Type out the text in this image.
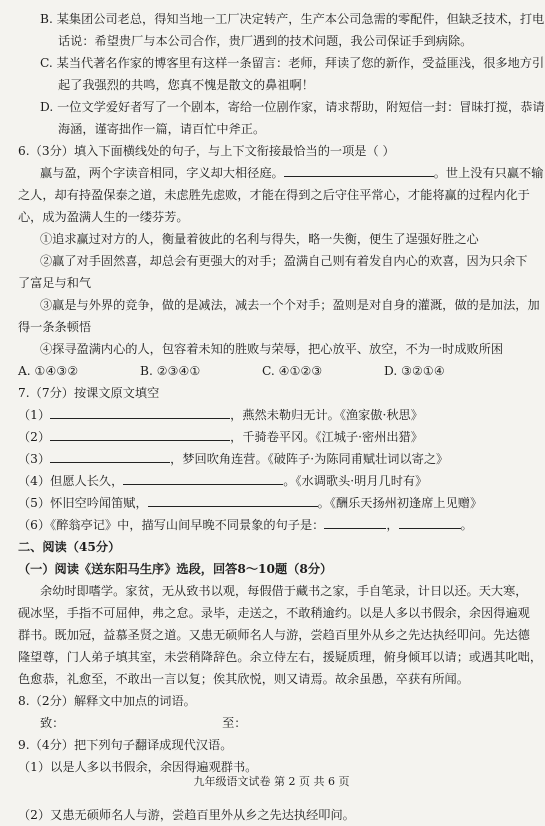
B. 某集团公司老总，得知当地一工厂决定转产，生产本公司急需的零配件，但缺乏技术，打电
话说：希望贵厂与本公司合作，贵厂遇到的技术问题，我公司保证手到病除。
C. 某当代著名作家的博客里有这样一条留言：老师，拜读了您的新作，受益匪浅，很多地方引
起了我强烈的共鸣，您真不愧是散文的鼻祖啊！
D. 一位文学爱好者写了一个剧本，寄给一位剧作家，请求帮助，附短信一封：冒昧打搅，恭请
海涵，谨寄拙作一篇，请百忙中斧正。
6.（3分）填入下面横线处的句子，与上下文衔接最恰当的一项是（ ）
赢与盈，两个字读音相同，字义却大相径庭。	。世上没有只赢不输
之人，却有持盈保泰之道，未虑胜先虑败，才能在得到之后守住平常心，才能将赢的过程内化于
心，成为盈满人生的一缕芬芳。
①追求赢过对方的人，衡量着彼此的名利与得失，略一失衡，便生了逞强好胜之心
②赢了对手固然喜，却总会有更强大的对手；盈满自己则有着发自内心的欢喜，因为只余下
了富足与和气
③赢是与外界的竞争，做的是减法，减去一个个对手；盈则是对自身的灌溉，做的是加法，加
得一条条顿悟
④探寻盈满内心的人，包容着未知的胜败与荣辱，把心放平、放空，不为一时成败所困
A. ①④③②	B. ②③④①	C. ④①②③	D. ③②①④
7.（7分）按课文原文填空
（1）	，燕然未勒归无计。《渔家傲·秋思》
（2）	，千骑卷平冈。《江城子·密州出猎》
（3）	，梦回吹角连营。《破阵子·为陈同甫赋壮词以寄之》
（4）但愿人长久，	。《水调歌头·明月几时有》
（5）怀旧空吟闻笛赋，	。《酬乐天扬州初逢席上见赠》
（6）《醉翁亭记》中，描写山间早晚不同景象的句子是：	，	。
二、阅读（45分）
（一）阅读《送东阳马生序》选段，回答8～10题（8分）
余幼时即嗜学。家贫，无从致书以观，每假借于藏书之家，手自笔录，计日以还。天大寒，
砚冰坚，手指不可屈伸，弗之怠。录毕，走送之，不敢稍逾约。以是人多以书假余，余因得遍观
群书。既加冠，益慕圣贤之道。又患无硕师名人与游，尝趋百里外从乡之先达执经叩问。先达德
隆望尊，门人弟子填其室，未尝稍降辞色。余立侍左右，援疑质理，俯身倾耳以请；或遇其叱咄，
色愈恭，礼愈至，不敢出一言以复；俟其欣悦，则又请焉。故余虽愚，卒获有所闻。
8.（2分）解释文中加点的词语。
致：	至：
9.（4分）把下列句子翻译成现代汉语。
（1）以是人多以书假余，余因得遍观群书。
（2）又患无硕师名人与游，尝趋百里外从乡之先达执经叩问。
九年级语文试卷 第 2 页 共 6 页
